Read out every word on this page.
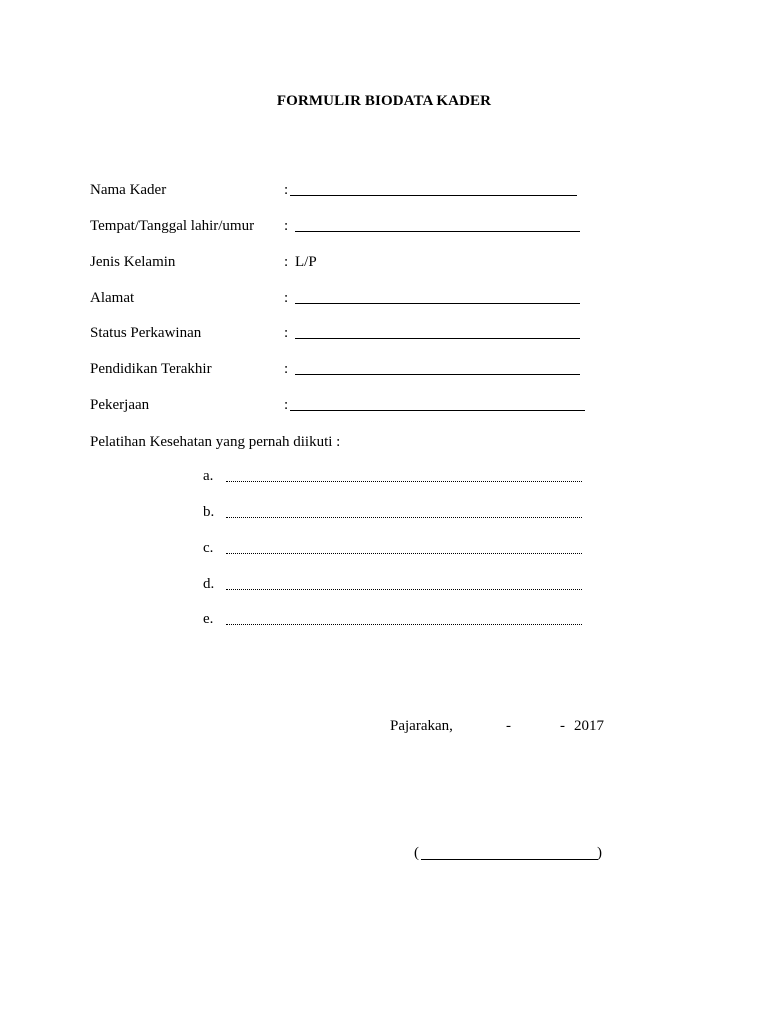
FORMULIR BIODATA KADER
Nama Kader	:
Tempat/Tanggal lahir/umur :
Jenis Kelamin	: L/P
Alamat	:
Status Perkawinan	:
Pendidikan Terakhir	:
Pekerjaan	:
Pelatihan Kesehatan yang pernah diikuti :
a.
b.
c.
d.
e.
Pajarakan,	-	- 2017
(	)
